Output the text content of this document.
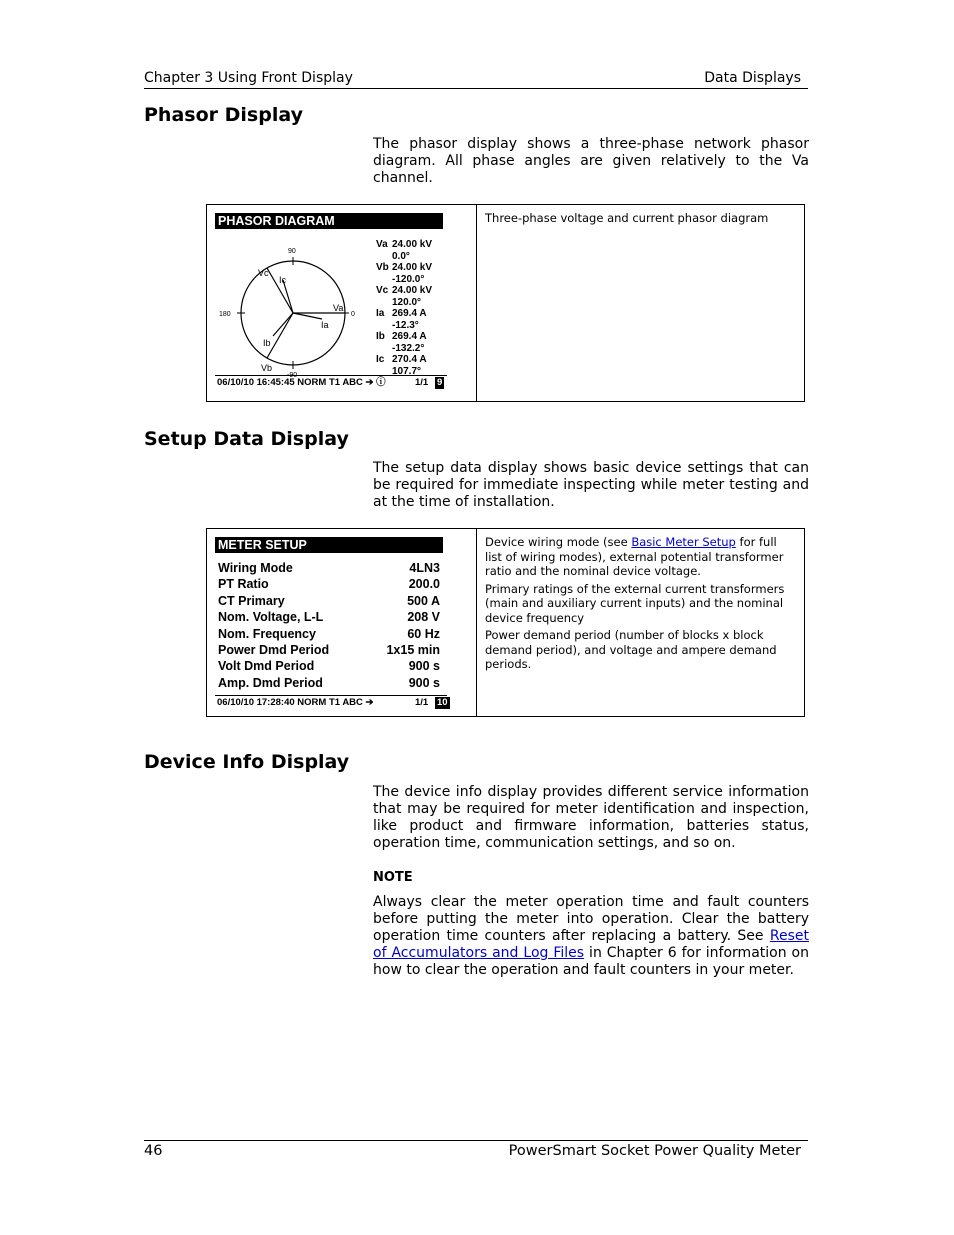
Chapter 3 Using Front Display	Data Displays
Phasor Display

The phasor display shows a three-phase network phasor diagram. All phase angles are given relatively to the Va channel.

PHASOR DIAGRAM
90
180	0
-90
Va
Vb
Vc
Ia
Ib
Ic
Va 24.00 kV
0.0°
Vb 24.00 kV
-120.0°
Vc 24.00 kV
120.0°
Ia 269.4 A
-12.3°
Ib 269.4 A
-132.2°
Ic 270.4 A
107.7°
06/10/10 16:45:45 NORM T1 ABC ➔ ⓘ	1/1 9

Three-phase voltage and current phasor diagram

Setup Data Display

The setup data display shows basic device settings that can be required for immediate inspecting while meter testing and at the time of installation.

METER SETUP
Wiring Mode	4LN3
PT Ratio	200.0
CT Primary	500 A
Nom. Voltage, L-L	208 V
Nom. Frequency	60 Hz
Power Dmd Period	1x15 min
Volt Dmd Period	900 s
Amp. Dmd Period	900 s
06/10/10 17:28:40 NORM T1 ABC ➔	1/1 10

Device wiring mode (see Basic Meter Setup for full list of wiring modes), external potential transformer ratio and the nominal device voltage.

Primary ratings of the external current transformers (main and auxiliary current inputs) and the nominal device frequency

Power demand period (number of blocks x block demand period), and voltage and ampere demand periods.

Device Info Display

The device info display provides different service information that may be required for meter identification and inspection, like product and firmware information, batteries status, operation time, communication settings, and so on.

NOTE

Always clear the meter operation time and fault counters before putting the meter into operation. Clear the battery operation time counters after replacing a battery. See Reset of Accumulators and Log Files in Chapter 6 for information on how to clear the operation and fault counters in your meter.

46	PowerSmart Socket Power Quality Meter
